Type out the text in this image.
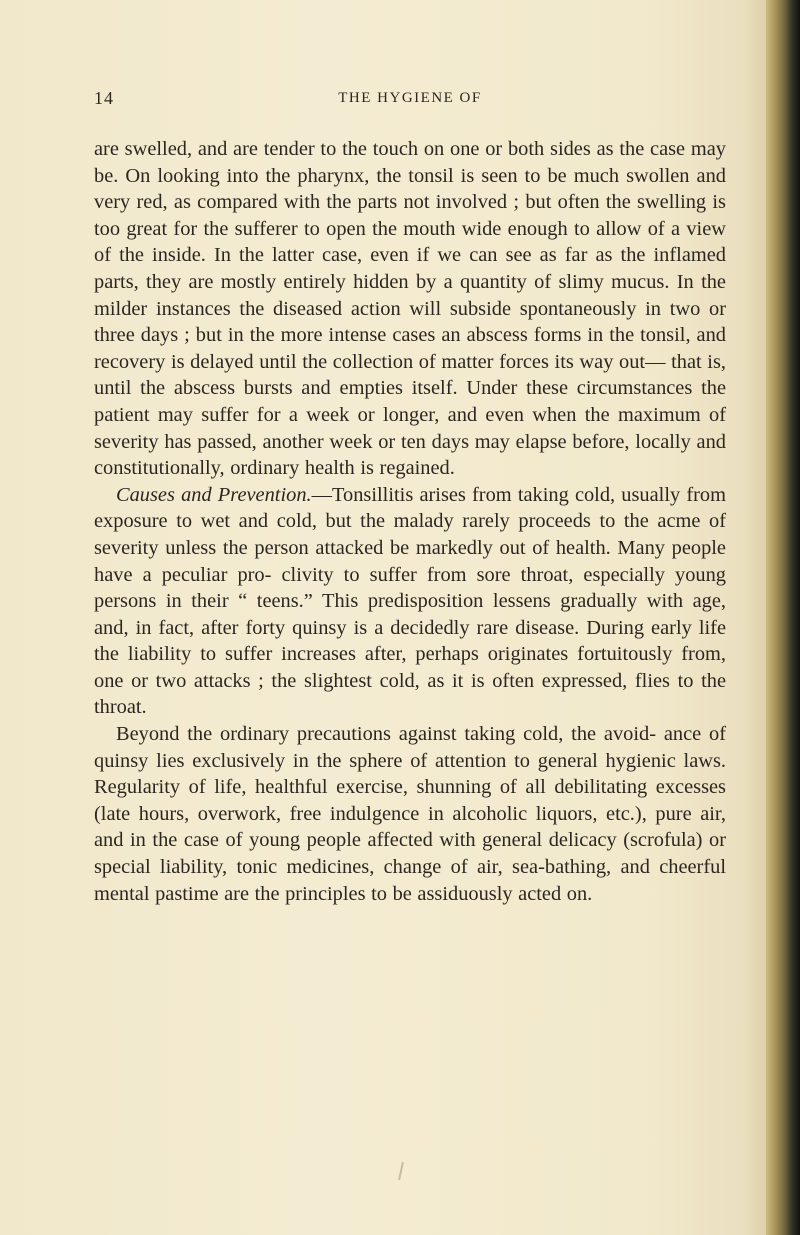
14	THE HYGIENE OF

are swelled, and are tender to the touch on one or both sides as the case may be. On looking into the pharynx, the tonsil is seen to be much swollen and very red, as compared with the parts not involved ; but often the swelling is too great for the sufferer to open the mouth wide enough to allow of a view of the inside. In the latter case, even if we can see as far as the inflamed parts, they are mostly entirely hidden by a quantity of slimy mucus. In the milder instances the diseased action will subside spontaneously in two or three days ; but in the more intense cases an abscess forms in the tonsil, and recovery is delayed until the collection of matter forces its way out— that is, until the abscess bursts and empties itself. Under these circumstances the patient may suffer for a week or longer, and even when the maximum of severity has passed, another week or ten days may elapse before, locally and constitutionally, ordinary health is regained.

Causes and Prevention.—Tonsillitis arises from taking cold, usually from exposure to wet and cold, but the malady rarely proceeds to the acme of severity unless the person attacked be markedly out of health. Many people have a peculiar pro- clivity to suffer from sore throat, especially young persons in their “ teens.” This predisposition lessens gradually with age, and, in fact, after forty quinsy is a decidedly rare disease. During early life the liability to suffer increases after, perhaps originates fortuitously from, one or two attacks ; the slightest cold, as it is often expressed, flies to the throat.

Beyond the ordinary precautions against taking cold, the avoid- ance of quinsy lies exclusively in the sphere of attention to general hygienic laws. Regularity of life, healthful exercise, shunning of all debilitating excesses (late hours, overwork, free indulgence in alcoholic liquors, etc.), pure air, and in the case of young people affected with general delicacy (scrofula) or special liability, tonic medicines, change of air, sea-bathing, and cheerful mental pastime are the principles to be assiduously acted on.
